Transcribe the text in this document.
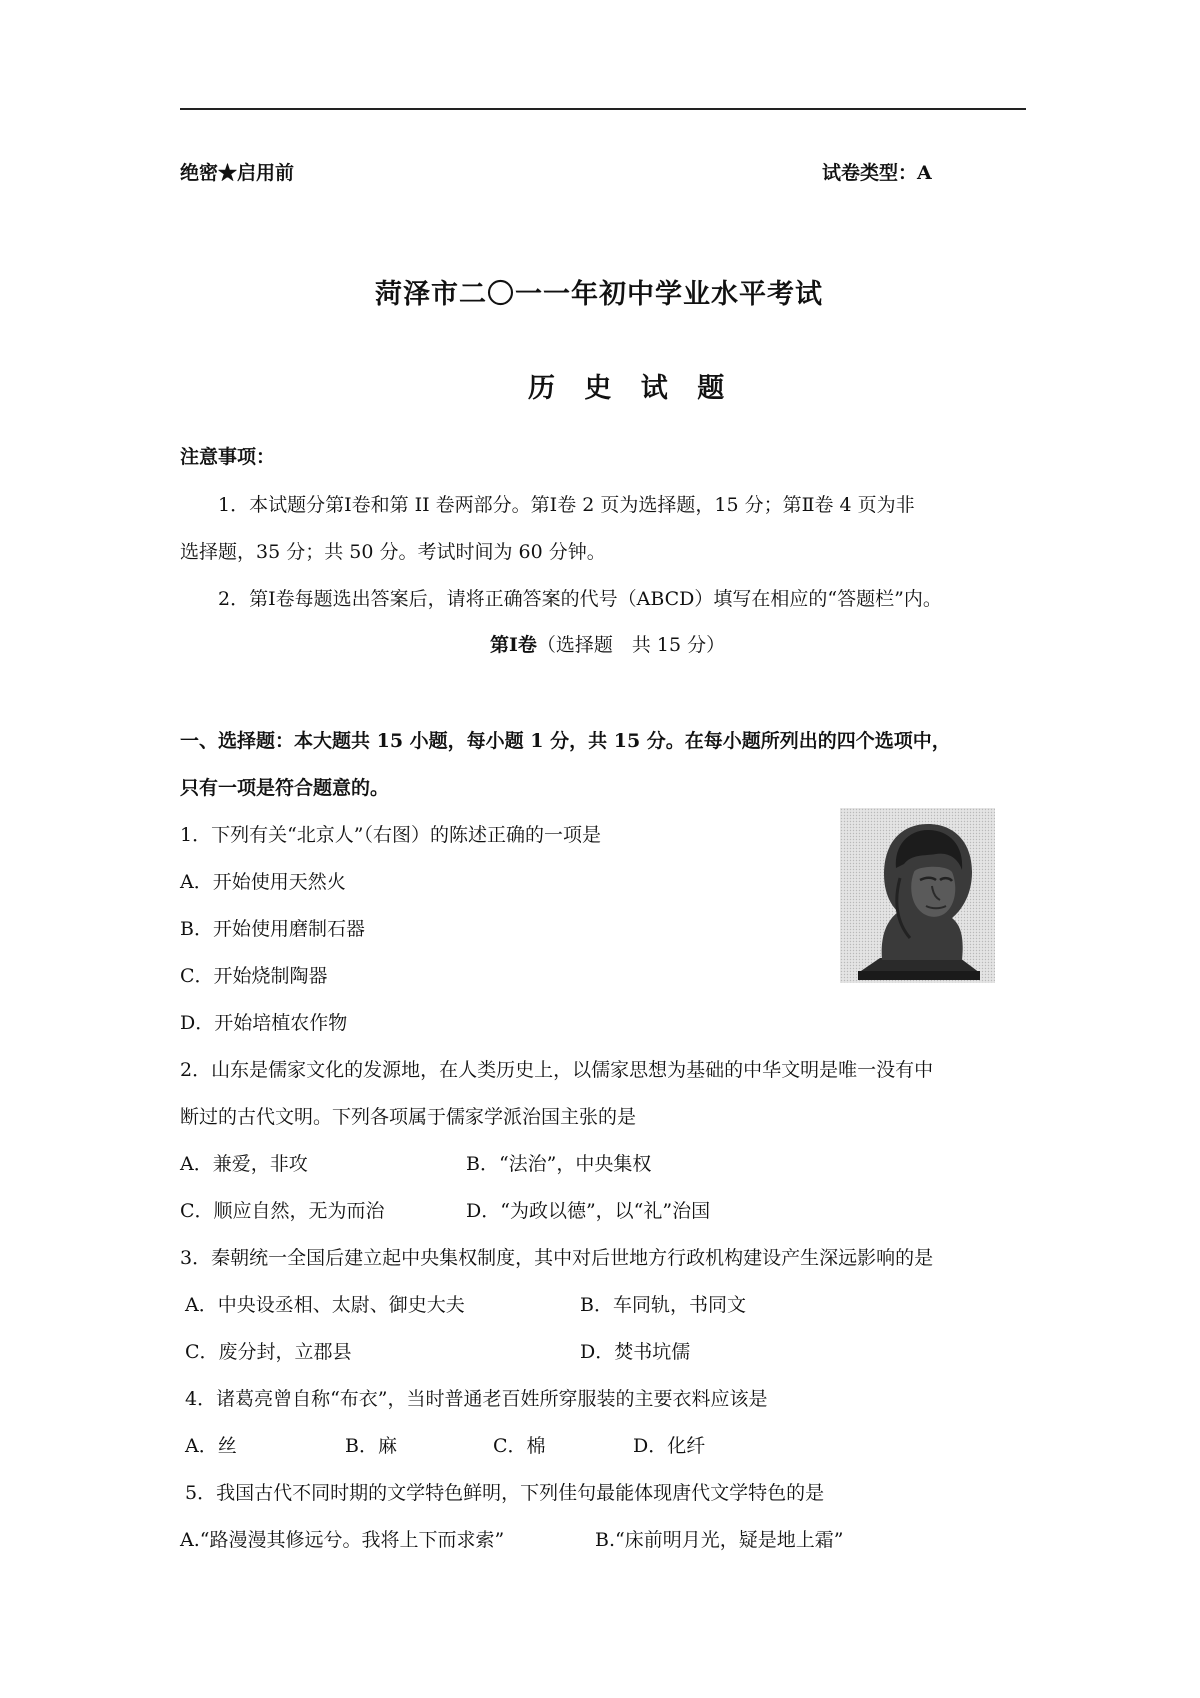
绝密★启用前	试卷类型：A
菏泽市二〇一一年初中学业水平考试
历 史 试 题
注意事项：
1．本试题分第Ⅰ卷和第 II 卷两部分。第Ⅰ卷 2 页为选择题，15 分；第Ⅱ卷 4 页为非
选择题，35 分；共 50 分。考试时间为 60 分钟。
2．第Ⅰ卷每题选出答案后，请将正确答案的代号（ABCD）填写在相应的“答题栏”内。
第Ⅰ卷（选择题　共 15 分）
一、选择题：本大题共 15 小题，每小题 1 分，共 15 分。在每小题所列出的四个选项中，
只有一项是符合题意的。
1．下列有关“北京人”（右图）的陈述正确的一项是
A．开始使用天然火
B．开始使用磨制石器
C．开始烧制陶器
D．开始培植农作物
2．山东是儒家文化的发源地，在人类历史上，以儒家思想为基础的中华文明是唯一没有中
断过的古代文明。下列各项属于儒家学派治国主张的是
A．兼爱，非攻	B．“法治”，中央集权
C．顺应自然，无为而治	D．“为政以德”，以“礼”治国
3．秦朝统一全国后建立起中央集权制度，其中对后世地方行政机构建设产生深远影响的是
A．中央设丞相、太尉、御史大夫	B．车同轨，书同文
C．废分封，立郡县	D．焚书坑儒
4．诸葛亮曾自称“布衣”，当时普通老百姓所穿服装的主要衣料应该是
A．丝	B．麻	C．棉	D．化纤
5．我国古代不同时期的文学特色鲜明，下列佳句最能体现唐代文学特色的是
A.“路漫漫其修远兮。我将上下而求索”	B.“床前明月光，疑是地上霜”
